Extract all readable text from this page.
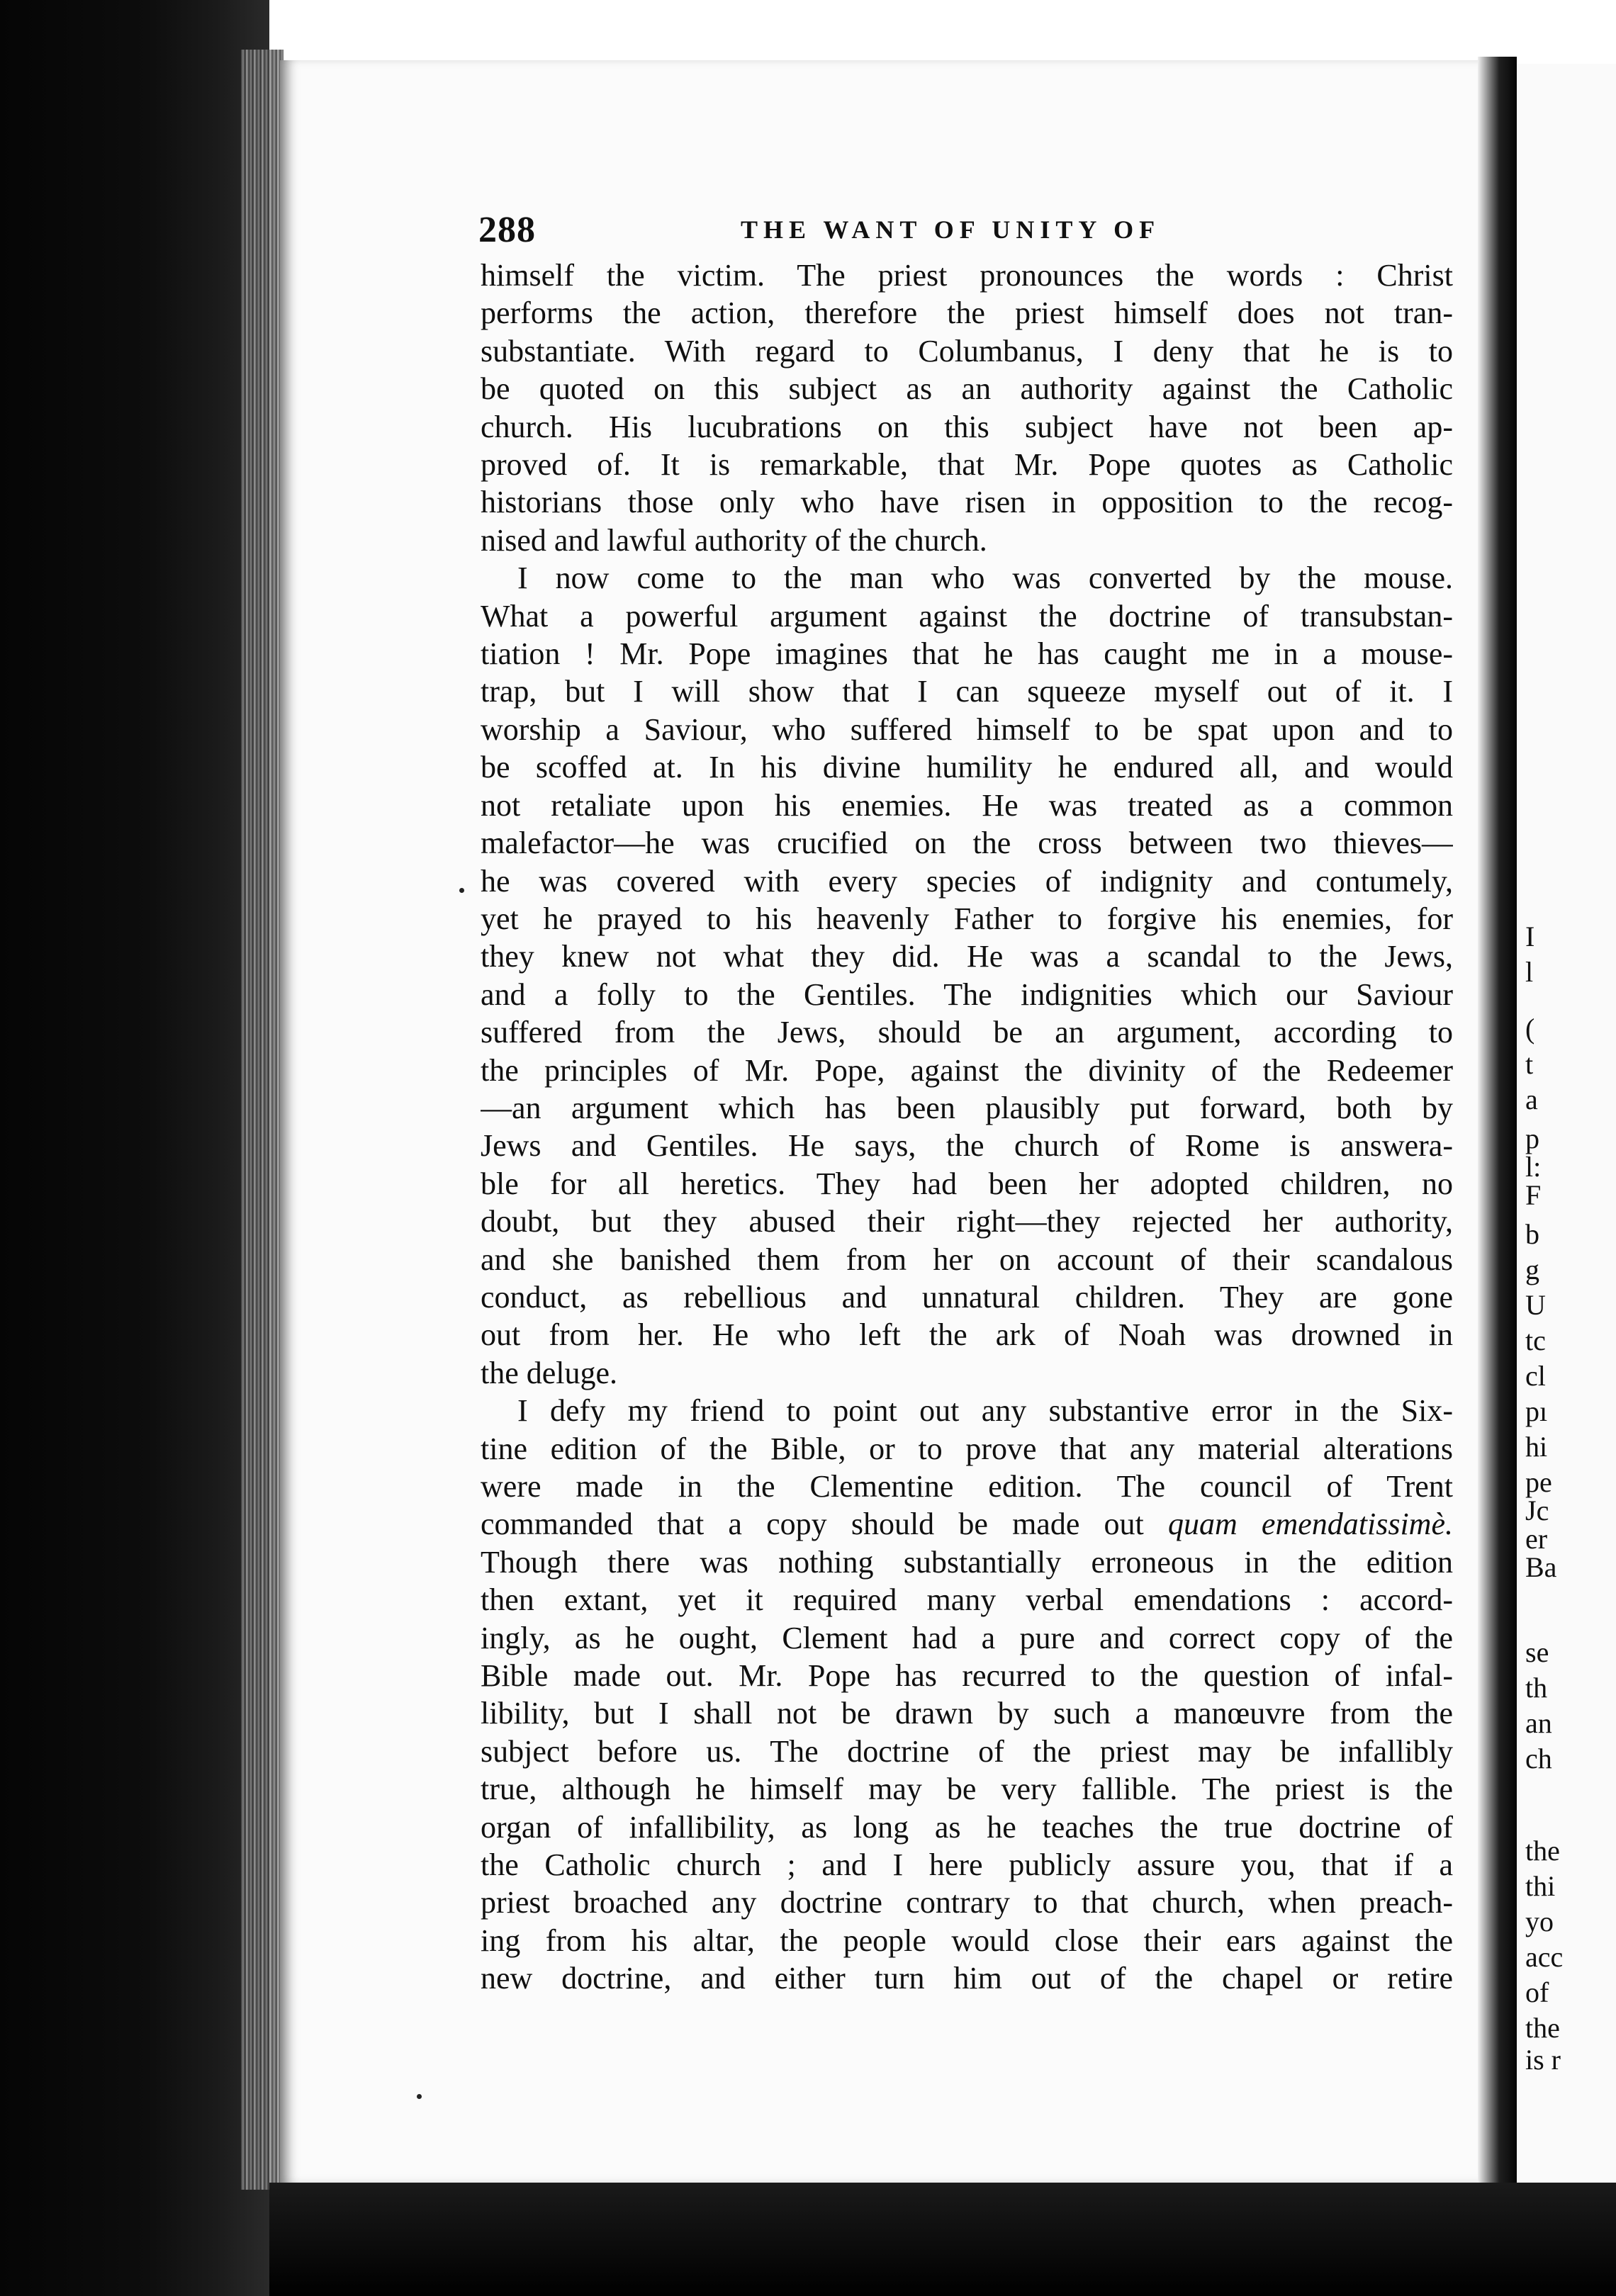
I
l
(
t
a
p
l:
F
b
g
U
tc
cl
pı
hi
pe
Jc
er
Ba
se
th
an
ch
the
thi
yo
acc
of
the
is r
288	THE WANT OF UNITY OF
himself the victim. The priest pronounces the words : Christ
performs the action, therefore the priest himself does not tran-
substantiate. With regard to Columbanus, I deny that he is to
be quoted on this subject as an authority against the Catholic
church. His lucubrations on this subject have not been ap-
proved of. It is remarkable, that Mr. Pope quotes as Catholic
historians those only who have risen in opposition to the recog-
nised and lawful authority of the church.
I now come to the man who was converted by the mouse.
What a powerful argument against the doctrine of transubstan-
tiation ! Mr. Pope imagines that he has caught me in a mouse-
trap, but I will show that I can squeeze myself out of it. I
worship a Saviour, who suffered himself to be spat upon and to
be scoffed at. In his divine humility he endured all, and would
not retaliate upon his enemies. He was treated as a common
malefactor—he was crucified on the cross between two thieves—
he was covered with every species of indignity and contumely,
yet he prayed to his heavenly Father to forgive his enemies, for
they knew not what they did. He was a scandal to the Jews,
and a folly to the Gentiles. The indignities which our Saviour
suffered from the Jews, should be an argument, according to
the principles of Mr. Pope, against the divinity of the Redeemer
—an argument which has been plausibly put forward, both by
Jews and Gentiles. He says, the church of Rome is answera-
ble for all heretics. They had been her adopted children, no
doubt, but they abused their right—they rejected her authority,
and she banished them from her on account of their scandalous
conduct, as rebellious and unnatural children. They are gone
out from her. He who left the ark of Noah was drowned in
the deluge.
I defy my friend to point out any substantive error in the Six-
tine edition of the Bible, or to prove that any material alterations
were made in the Clementine edition. The council of Trent
commanded that a copy should be made out quam emendatissimè.
Though there was nothing substantially erroneous in the edition
then extant, yet it required many verbal emendations : accord-
ingly, as he ought, Clement had a pure and correct copy of the
Bible made out. Mr. Pope has recurred to the question of infal-
libility, but I shall not be drawn by such a manœuvre from the
subject before us. The doctrine of the priest may be infallibly
true, although he himself may be very fallible. The priest is the
organ of infallibility, as long as he teaches the true doctrine of
the Catholic church ; and I here publicly assure you, that if a
priest broached any doctrine contrary to that church, when preach-
ing from his altar, the people would close their ears against the
new doctrine, and either turn him out of the chapel or retire
